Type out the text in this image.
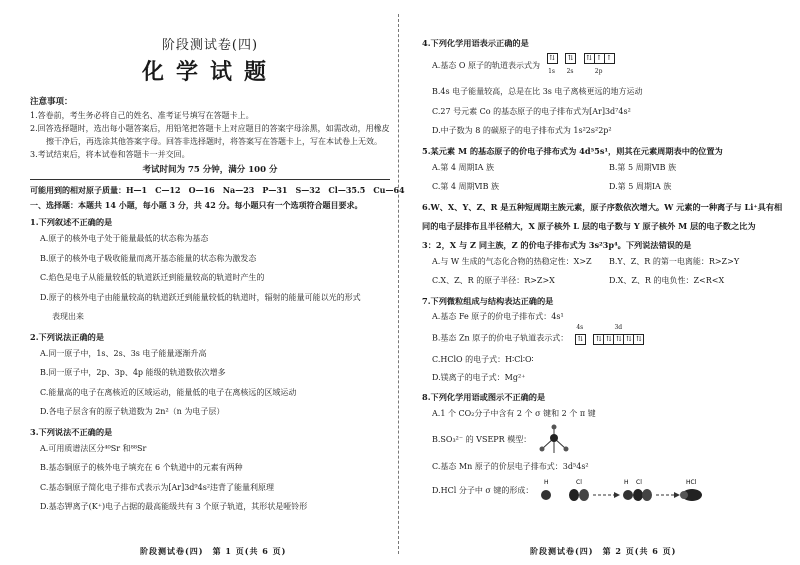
阶段测试卷(四)

化学试题

注意事项：
1.答卷前，考生务必将自己的姓名、准考证号填写在答题卡上。
2.回答选择题时，选出每小题答案后，用铅笔把答题卡上对应题目的答案字母涂黑，如需改动，用橡皮
擦干净后，再选涂其他答案字母。回答非选择题时，将答案写在答题卡上，写在本试卷上无效。
3.考试结束后，将本试卷和答题卡一并交回。
考试时间为 75 分钟，满分 100 分
可能用到的相对原子质量：H—1　C—12　O—16　Na—23　P—31　S—32　Cl—35.5　Cu—64
一、选择题：本题共 14 小题，每小题 3 分，共 42 分。每小题只有一个选项符合题目要求。
1.下列叙述不正确的是
A.原子的核外电子处于能量最低的状态称为基态
B.原子的核外电子吸收能量而离开基态能量的状态称为激发态
C.焰色是电子从能量较低的轨道跃迁到能量较高的轨道时产生的
D.原子的核外电子由能量较高的轨道跃迁到能量较低的轨道时，辐射的能量可能以光的形式
表现出来
2.下列说法正确的是
A.同一原子中，1s、2s、3s 电子能量逐渐升高
B.同一原子中，2p、3p、4p 能级的轨道数依次增多
C.能量高的电子在离核近的区域运动，能量低的电子在离核远的区域运动
D.各电子层含有的原子轨道数为 2n²（n 为电子层）
3.下列说法不正确的是
A.可用质谱法区分⁴⁰Sr 和⁸⁸Sr
B.基态铜原子的核外电子填充在 6 个轨道中的元素有两种
C.基态铜原子简化电子排布式表示为[Ar]3d⁹4s²违背了能量利原理
D.基态钾离子(K⁺)电子占据的最高能级共有 3 个原子轨道，其形状是哑铃形
阶段测试卷(四)　第 1 页(共 6 页)
4.下列化学用语表示正确的是
A.基态 O 原子的轨道表示式为 ⇅
1s
⇅
2s
⇅ ↑ ↑
2p
B.4s 电子能量较高，总是在比 3s 电子离核更远的地方运动
C.27 号元素 Co 的基态原子的电子排布式为[Ar]3d⁷4s²
D.中子数为 8 的碳原子的电子排布式为 1s²2s²2p²
5.某元素 M 的基态原子的价电子排布式为 4d⁵5s¹，则其在元素周期表中的位置为
A.第 4 周期ⅠA 族	B.第 5 周期ⅥB 族
C.第 4 周期ⅥB 族	D.第 5 周期ⅠA 族
6.W、X、Y、Z、R 是五种短周期主族元素，原子序数依次增大。W 元素的一种离子与 Li⁺具有相
同的电子层排布且半径稍大，X 原子核外 L 层的电子数与 Y 原子核外 M 层的电子数之比为
3：2，X 与 Z 同主族，Z 的价电子排布式为 3s²3p⁴。下列说法错误的是
A.与 W 生成的气态化合物的热稳定性：X>Z	B.Y、Z、R 的第一电离能：R>Z>Y
C.X、Z、R 的原子半径：R>Z>X	D.X、Z、R 的电负性：Z<R<X
7.下列微粒组成与结构表达正确的是
A.基态 Fe 原子的价电子排布式：4s¹
B.基态 Zn 原子的价电子轨道表示式：
4s
⇅
3d
⇅ ⇅ ⇅ ⇅ ⇅
C.HClO 的电子式：H∶Cl∶O∶
D.镁离子的电子式：Mg²⁺
8.下列化学用语或图示不正确的是
A.1 个 CO₂分子中含有 2 个 σ 键和 2 个 π 键
B.SO₃²⁻ 的 VSEPR 模型：
C.基态 Mn 原子的价层电子排布式：3d⁵4s²
D.HCl 分子中 σ 键的形成：
H	Cl	H Cl	HCl
阶段测试卷(四)　第 2 页(共 6 页)
